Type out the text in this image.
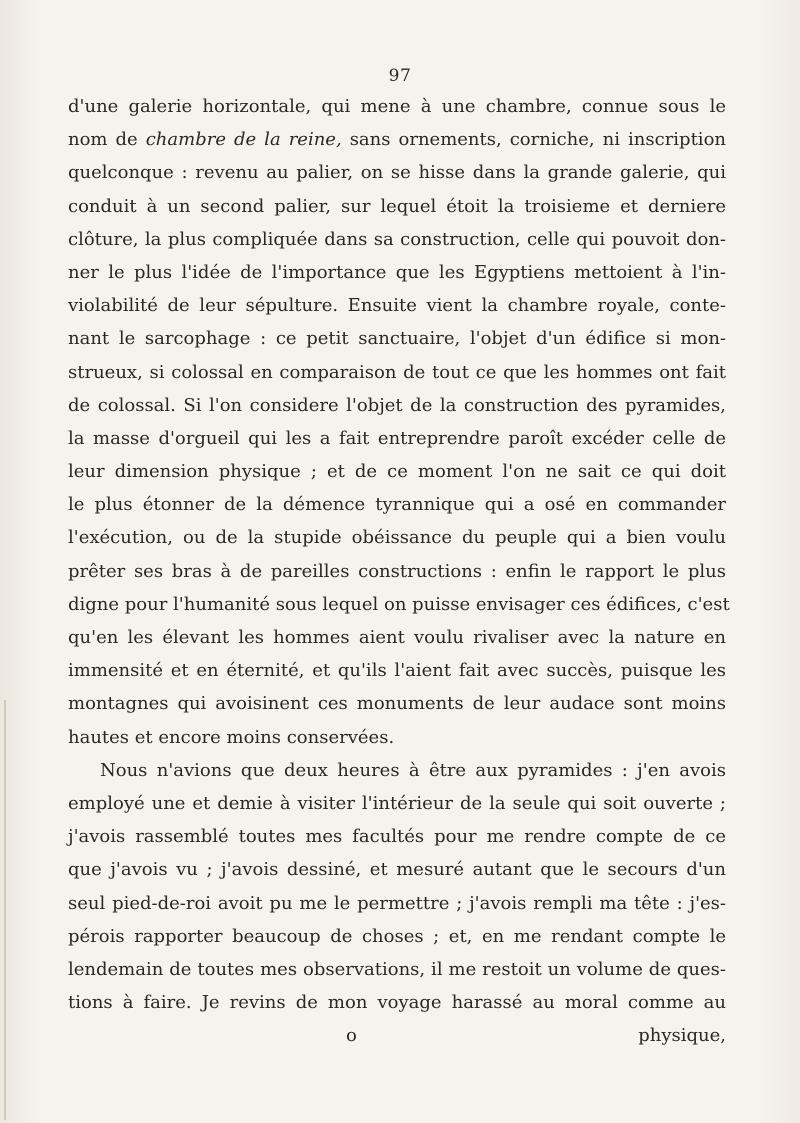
97
d'une galerie horizontale, qui mene à une chambre, connue sous le
nom de chambre de la reine, sans ornements, corniche, ni inscription
quelconque : revenu au palier, on se hisse dans la grande galerie, qui
conduit à un second palier, sur lequel étoit la troisieme et derniere
clôture, la plus compliquée dans sa construction, celle qui pouvoit don-
ner le plus l'idée de l'importance que les Egyptiens mettoient à l'in-
violabilité de leur sépulture. Ensuite vient la chambre royale, conte-
nant le sarcophage : ce petit sanctuaire, l'objet d'un édifice si mon-
strueux, si colossal en comparaison de tout ce que les hommes ont fait
de colossal. Si l'on considere l'objet de la construction des pyramides,
la masse d'orgueil qui les a fait entreprendre paroît excéder celle de
leur dimension physique ; et de ce moment l'on ne sait ce qui doit
le plus étonner de la démence tyrannique qui a osé en commander
l'exécution, ou de la stupide obéissance du peuple qui a bien voulu
prêter ses bras à de pareilles constructions : enfin le rapport le plus
digne pour l'humanité sous lequel on puisse envisager ces édifices, c'est
qu'en les élevant les hommes aient voulu rivaliser avec la nature en
immensité et en éternité, et qu'ils l'aient fait avec succès, puisque les
montagnes qui avoisinent ces monuments de leur audace sont moins
hautes et encore moins conservées.
Nous n'avions que deux heures à être aux pyramides : j'en avois
employé une et demie à visiter l'intérieur de la seule qui soit ouverte ;
j'avois rassemblé toutes mes facultés pour me rendre compte de ce
que j'avois vu ; j'avois dessiné, et mesuré autant que le secours d'un
seul pied-de-roi avoit pu me le permettre ; j'avois rempli ma tête : j'es-
pérois rapporter beaucoup de choses ; et, en me rendant compte le
lendemain de toutes mes observations, il me restoit un volume de ques-
tions à faire. Je revins de mon voyage harassé au moral comme au
o	physique,
